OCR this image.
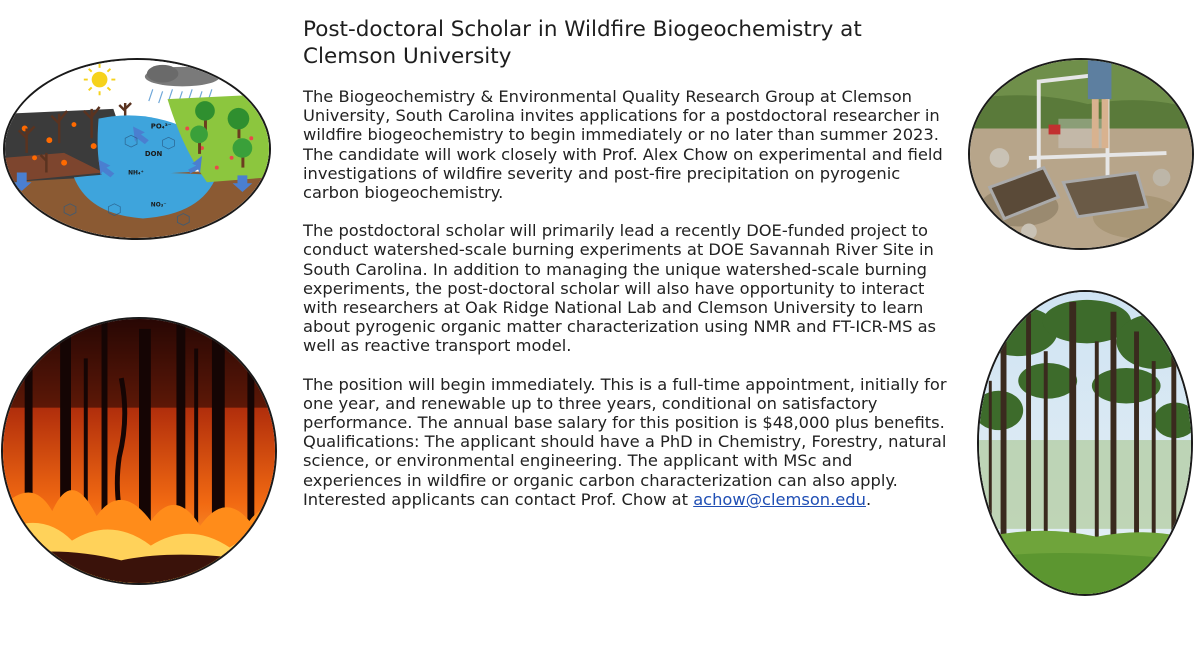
PO₄³⁻
DON
NH₄⁺
NO₃⁻
Post-doctoral Scholar in Wildfire Biogeochemistry at Clemson University

The Biogeochemistry & Environmental Quality Research Group at Clemson University, South Carolina invites applications for a postdoctoral researcher in wildfire biogeochemistry to begin immediately or no later than summer 2023. The candidate will work closely with Prof. Alex Chow on experimental and field investigations of wildfire severity and post-fire precipitation on pyrogenic carbon biogeochemistry.

The postdoctoral scholar will primarily lead a recently DOE-funded project to conduct watershed-scale burning experiments at DOE Savannah River Site in South Carolina. In addition to managing the unique watershed-scale burning experiments, the post-doctoral scholar will also have opportunity to interact with researchers at Oak Ridge National Lab and Clemson University to learn about pyrogenic organic matter characterization using NMR and FT-ICR-MS as well as reactive transport model.

The position will begin immediately. This is a full-time appointment, initially for one year, and renewable up to three years, conditional on satisfactory performance. The annual base salary for this position is $48,000 plus benefits. Qualifications: The applicant should have a PhD in Chemistry, Forestry, natural science, or environmental engineering. The applicant with MSc and experiences in wildfire or organic carbon characterization can also apply. Interested applicants can contact Prof. Chow at achow@clemson.edu.
